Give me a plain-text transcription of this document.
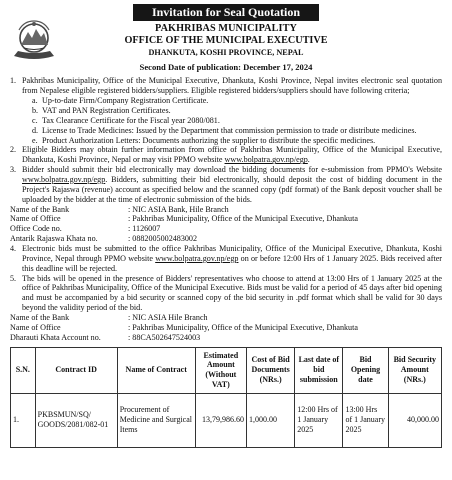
Invitation for Seal Quotation
PAKHRIBAS MUNICIPALITY
OFFICE OF THE MUNICIPAL EXECUTIVE
DHANKUTA, KOSHI PROVINCE, NEPAL
Second Date of publication: December 17, 2024
1. Pakhribas Municipality, Office of the Municipal Executive, Dhankuta, Koshi Province, Nepal invites electronic seal quotation from Nepalese eligible registered bidders/suppliers. Eligible registered bidders/suppliers should have following criteria;
a. Up-to-date Firm/Company Registration Certificate.
b. VAT and PAN Registration Certificates.
c. Tax Clearance Certificate for the Fiscal year 2080/081.
d. License to Trade Medicines: Issued by the Department that commission permission to trade or distribute medicines.
e. Product Authorization Letters: Documents authorizing the supplier to distribute the specific medicines.
2. Eligible Bidders may obtain further information from office of Pakhribas Municipality, Office of the Municipal Executive, Dhankuta, Koshi Province, Nepal or may visit PPMO website www.bolpatra.gov.np/egp.
3. Bidder should submit their bid electronically may download the bidding documents for e-submission from PPMO's Website www.bolpatra.gov.np/egp. Bidders, submitting their bid electronically, should deposit the cost of bidding document in the Project's Rajaswa (revenue) account as specified below and the scanned copy (pdf format) of the Bank deposit voucher shall be uploaded by the bidder at the time of electronic submission of the bids.
Name of the Bank	: NIC ASIA Bank, Hile Branch
Name of Office	: Pakhribas Municipality, Office of the Municipal Executive, Dhankuta
Office Code no.	: 1126007
Antarik Rajaswa Khata no.	: 0882005002483002
4. Electronic bids must be submitted to the office Pakhribas Municipality, Office of the Municipal Executive, Dhankuta, Koshi Province, Nepal through PPMO website www.bolpatra.gov.np/egp on or before 12:00 Hrs of 1 January 2025. Bids received after this deadline will be rejected.
5. The bids will be opened in the presence of Bidders' representatives who choose to attend at 13:00 Hrs of 1 January 2025 at the office of Pakhribas Municipality, Office of the Municipal Executive. Bids must be valid for a period of 45 days after bid opening and must be accompanied by a bid security or scanned copy of the bid security in .pdf format which shall be valid for 30 days beyond the validity period of the bid.
Name of the Bank	: NIC ASIA Hile Branch
Name of Office	: Pakhribas Municipality, Office of the Municipal Executive, Dhankuta
Dharauti Khata Account no.	: 88CA502647524003
S.N.	Contract ID	Name of Contract	Estimated Amount (Without VAT)	Cost of Bid Documents (NRs.)	Last date of bid submission	Bid Opening date	Bid Security Amount (NRs.)
1.	PKBSMUN/SQ/ GOODS/2081/082-01	Procurement of Medicine and Surgical Items	13,79,986.60	1,000.00	12:00 Hrs of 1 January 2025	13:00 Hrs of 1 January 2025	40,000.00
